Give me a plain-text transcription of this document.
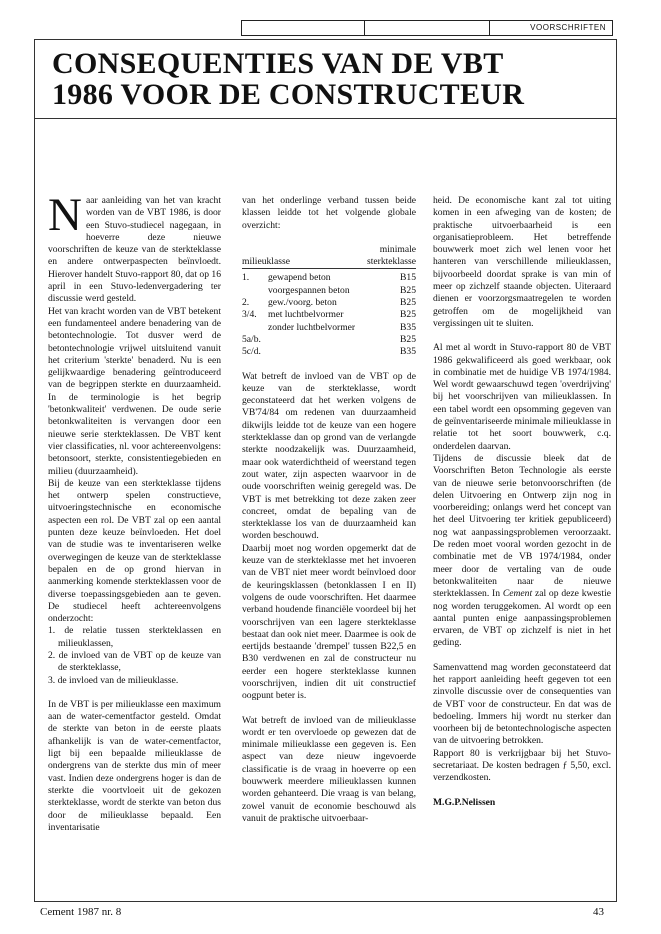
VOORSCHRIFTEN
CONSEQUENTIES VAN DE VBT
1986 VOOR DE CONSTRUCTEUR

Naar aanleiding van het van kracht worden van de VBT 1986, is door een Stuvo-studiecel nagegaan, in hoeverre deze nieuwe voorschriften de keuze van de sterkteklasse en andere ontwerpaspecten beïnvloedt. Hierover handelt Stuvo-rapport 80, dat op 16 april in een Stuvo-ledenvergadering ter discussie werd gesteld.

Het van kracht worden van de VBT betekent een fundamenteel andere benadering van de betontechnologie. Tot dusver werd de betontechnologie vrijwel uitsluitend vanuit het criterium 'sterkte' benaderd. Nu is een gelijkwaardige benadering geïntroduceerd van de begrippen sterkte en duurzaamheid. In de terminologie is het begrip 'betonkwaliteit' verdwenen. De oude serie betonkwaliteiten is vervangen door een nieuwe serie sterkteklassen. De VBT kent vier classificaties, nl. voor achtereenvolgens: betonsoort, sterkte, consistentiegebieden en milieu (duurzaamheid).

Bij de keuze van een sterkteklasse tijdens het ontwerp spelen constructieve, uitvoeringstechnische en economische aspecten een rol. De VBT zal op een aantal punten deze keuze beïnvloeden. Het doel van de studie was te inventariseren welke overwegingen de keuze van de sterkteklasse bepalen en de op grond hiervan in aanmerking komende sterkteklassen voor de diverse toepassingsgebieden aan te geven. De studiecel heeft achtereenvolgens onderzocht:

1. de relatie tussen sterkteklassen en milieuklassen,
2. de invloed van de VBT op de keuze van de sterkteklasse,
3. de invloed van de milieuklasse.

In de VBT is per milieuklasse een maximum aan de water-cementfactor gesteld. Omdat de sterkte van beton in de eerste plaats afhankelijk is van de water-cementfactor, ligt bij een bepaalde milieuklasse de ondergrens van de sterkte dus min of meer vast. Indien deze ondergrens hoger is dan de sterkte die voortvloeit uit de gekozen sterkteklasse, wordt de sterkte van beton dus door de milieuklasse bepaald. Een inventarisatie

van het onderlinge verband tussen beide klassen leidde tot het volgende globale overzicht:

minimale
milieuklasse		sterkteklasse

1.	gewapend beton	B15
	voorgespannen beton	B25
2.	gew./voorg. beton	B25
3/4.	met luchtbelvormer	B25
	zonder luchtbelvormer	B35
5a/b.		B25
5c/d.		B35

Wat betreft de invloed van de VBT op de keuze van de sterkteklasse, wordt geconstateerd dat het werken volgens de VB'74/84 om redenen van duurzaamheid dikwijls leidde tot de keuze van een hogere sterkteklasse dan op grond van de verlangde sterkte noodzakelijk was. Duurzaamheid, maar ook waterdichtheid of weerstand tegen zout water, zijn aspecten waarvoor in de oude voorschriften weinig geregeld was. De VBT is met betrekking tot deze zaken zeer concreet, omdat de bepaling van de sterkteklasse los van de duurzaamheid kan worden beschouwd.

Daarbij moet nog worden opgemerkt dat de keuze van de sterkteklasse met het invoeren van de VBT niet meer wordt beïnvloed door de keuringsklassen (betonklassen I en II) volgens de oude voorschriften. Het daarmee verband houdende financiële voordeel bij het voorschrijven van een lagere sterkteklasse bestaat dan ook niet meer. Daarmee is ook de eertijds bestaande 'drempel' tussen B22,5 en B30 verdwenen en zal de constructeur nu eerder een hogere sterkteklasse kunnen voorschrijven, indien dit uit constructief oogpunt beter is.

Wat betreft de invloed van de milieuklasse wordt er ten overvloede op gewezen dat de minimale milieuklasse een gegeven is. Een aspect van deze nieuw ingevoerde classificatie is de vraag in hoeverre op een bouwwerk meerdere milieuklassen kunnen worden gehanteerd. Die vraag is van belang, zowel vanuit de economie beschouwd als vanuit de praktische uitvoerbaar-

heid. De economische kant zal tot uiting komen in een afweging van de kosten; de praktische uitvoerbaarheid is een organisatieprobleem. Het betreffende bouwwerk moet zich wel lenen voor het hanteren van verschillende milieuklassen, bijvoorbeeld doordat sprake is van min of meer op zichzelf staande objecten. Uiteraard dienen er voorzorgsmaatregelen te worden getroffen om de mogelijkheid van vergissingen uit te sluiten.

Al met al wordt in Stuvo-rapport 80 de VBT 1986 gekwalificeerd als goed werkbaar, ook in combinatie met de huidige VB 1974/1984. Wel wordt gewaarschuwd tegen 'overdrijving' bij het voorschrijven van milieuklassen. In een tabel wordt een opsomming gegeven van de geïnventariseerde minimale milieuklasse in relatie tot het soort bouwwerk, c.q. onderdelen daarvan.

Tijdens de discussie bleek dat de Voorschriften Beton Technologie als eerste van de nieuwe serie betonvoorschriften (de delen Uitvoering en Ontwerp zijn nog in voorbereiding; onlangs werd het concept van het deel Uitvoering ter kritiek gepubliceerd) nog wat aanpassingsproblemen veroorzaakt. De reden moet vooral worden gezocht in de combinatie met de VB 1974/1984, onder meer door de vertaling van de oude betonkwaliteiten naar de nieuwe sterkteklassen. In Cement zal op deze kwestie nog worden teruggekomen. Al wordt op een aantal punten enige aanpassingsproblemen ervaren, de VBT op zichzelf is niet in het geding.

Samenvattend mag worden geconstateerd dat het rapport aanleiding heeft gegeven tot een zinvolle discussie over de consequenties van de VBT voor de constructeur. En dat was de bedoeling. Immers hij wordt nu sterker dan voorheen bij de betontechnologische aspecten van de uitvoering betrokken.

Rapport 80 is verkrijgbaar bij het Stuvo-secretariaat. De kosten bedragen ƒ 5,50, excl. verzendkosten.

M.G.P.Nelissen

Cement 1987 nr. 8	43
